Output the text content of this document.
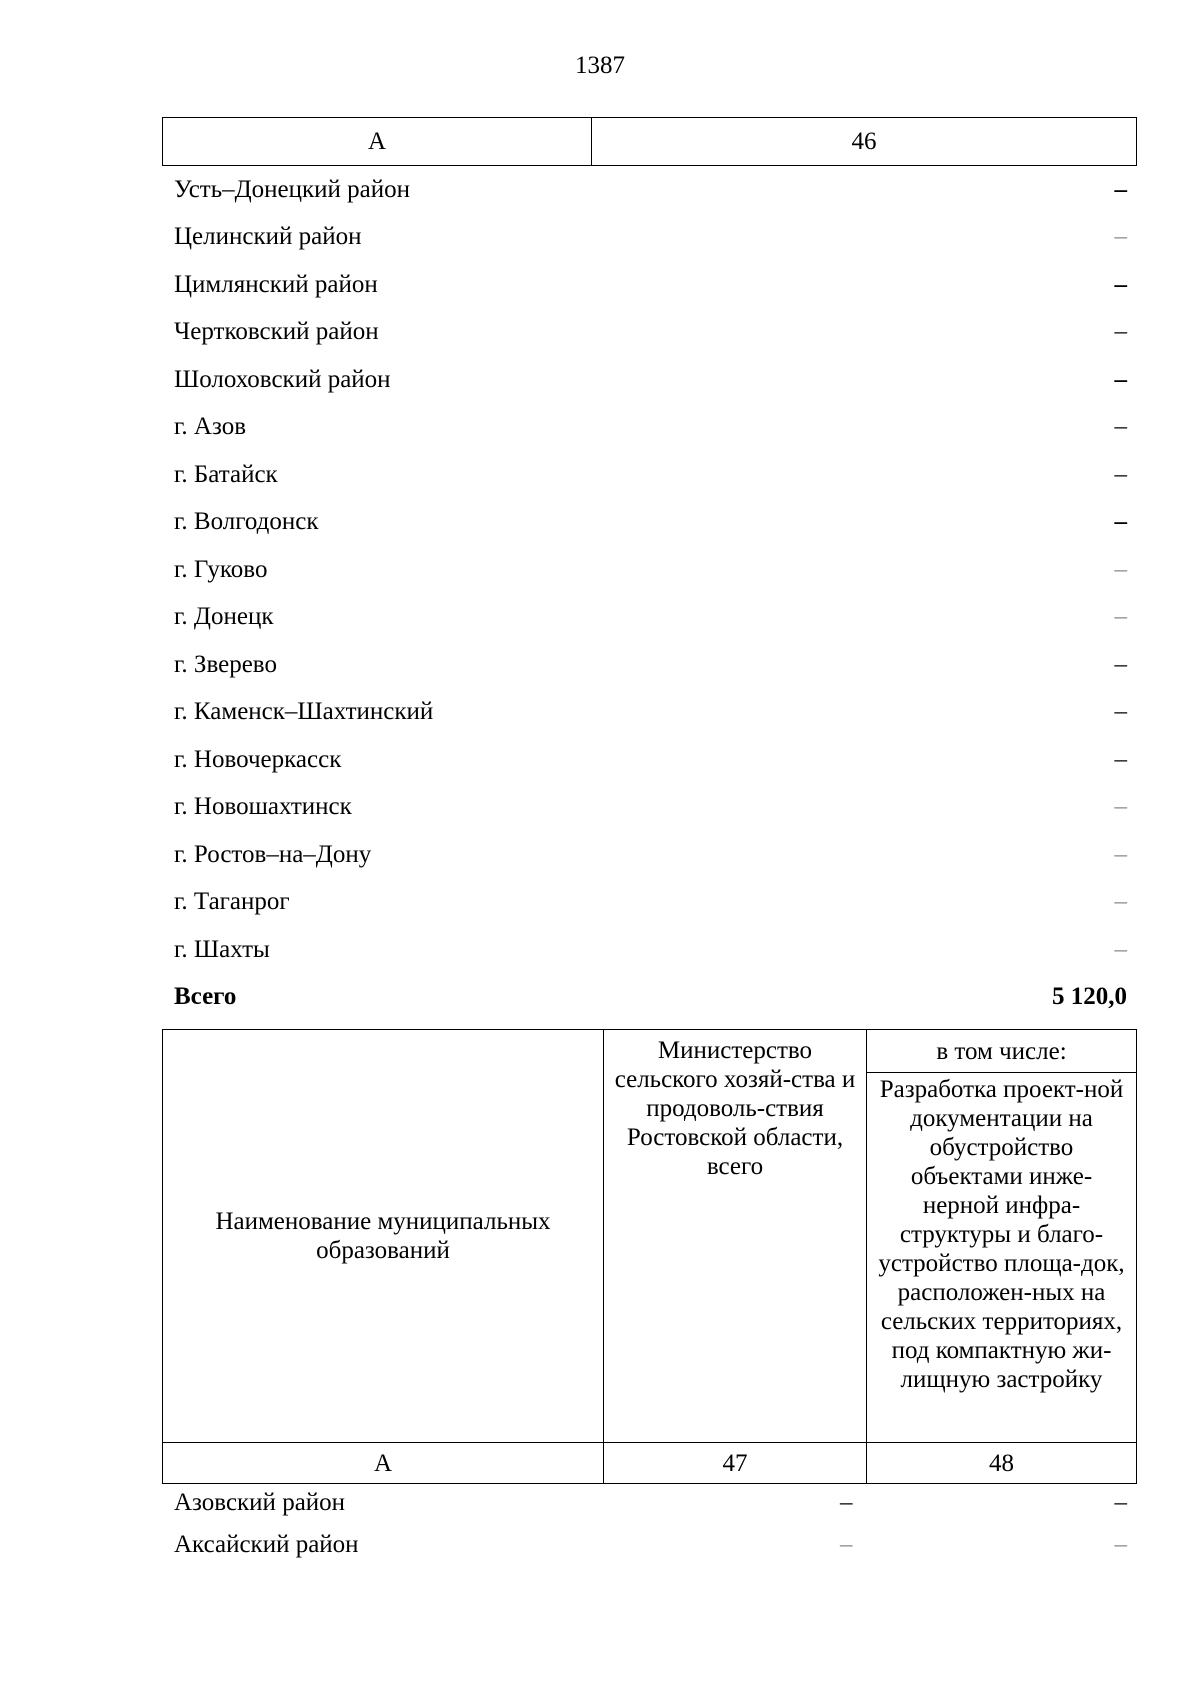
1387
А	46
Усть–Донецкий район	–
Целинский район	–
Цимлянский район	–
Чертковский район	–
Шолоховский район	–
г. Азов	–
г. Батайск	–
г. Волгодонск	–
г. Гуково	–
г. Донецк	–
г. Зверево	–
г. Каменск–Шахтинский	–
г. Новочеркасск	–
г. Новошахтинск	–
г. Ростов–на–Дону	–
г. Таганрог	–
г. Шахты	–
Всего	5 120,0
Наименование муниципальных образований	Министерство сельского хозяй-ства и продоволь-ствия Ростовской области, всего	в том числе:
		Разработка проект-ной документации на обустройство объектами инже-нерной инфра-структуры и благо-устройство площа-док, расположен-ных на сельских территориях, под компактную жи-лищную застройку
А	47	48
Азовский район	–	–
Аксайский район	–	–
